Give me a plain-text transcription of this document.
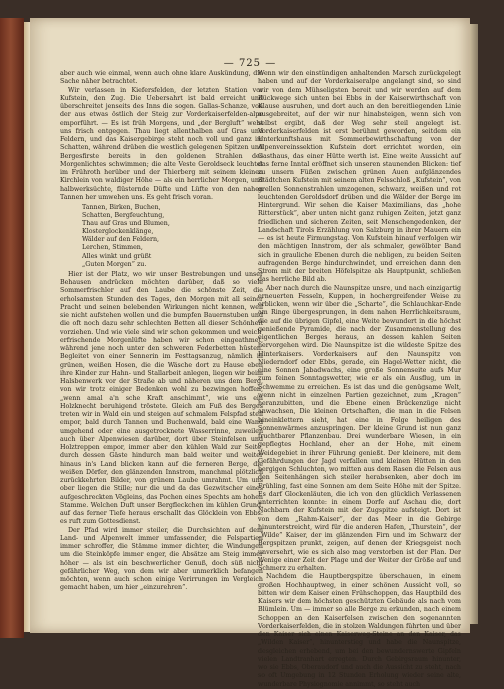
— 725 —

aber auch wie einmal, wenn auch ohne klare Auskündung, die Sache näher betrachtet.

Wir verlassen in Kiefersfelden, der letzten Station vor Kufstein, den Zug. Die Uebersahrt ist bald erreicht und überschreitet jenseits des Inns die sogen. Gallas-Schanze, von der aus etwas östlich der Steig zur Vorderkaiserfelden-alpe emporführt. — Es ist früh Morgens, und „der Bergluft” weht uns frisch entgegen. Thau liegt allenthalben auf Gras und Feldern, und das Kaisergebirge steht noch voll und ganz im Schatten, während drüben die westlich gelegenen Spitzen und Bergesfirste bereits in den goldenen Strahlen des Morgenlichtes schwimmen; die alte Veste Geroldseck leuchtet im Frühroth herüber und der Thierberg mit seinem kleinen Kirchlein von waldiger Höhe — als ein herrlicher Morgen, und halbwerksüchte, flüsternde Düfte und Lüfte von den nahen Tannen her umwehen uns. Es geht frisch voran.

Tannen, Birken, Buchen,
Schatten, Bergfeuchtung,
Thau auf Gras und Blumen,
Klosterglockenklänge,
Wälder auf den Feldern,
Lerchen, Stimmen,
Alles winkt und grüßt
„Guten Morgen” zu.

Hier ist der Platz, wo wir unser Bestrebungen und unser Behausen andrücken möchten darüber, daß so viele Sommerfrischler auf den Laube die schönste Zeit, die erholsamsten Stunden des Tages, den Morgen mit all seiner Pracht und seinen belebenden Wirkungen nicht kennen, weil sie nicht aufstehen wollen und die bumpfen Bauernstuben und die oft noch dazu sehr schlechten Betten all dieser Schönheit vorziehen. Und wie viele sind wir schon gekommen und weich' erfrischende Morgenlüfte haben wir schon eingeathmet, während jene noch unter den schweren Federbetten hüsten. Begleitet von einer Sennerin im Festtagsanzug, nämlich in grünen, weißen Hosen, die die Wäsche dort zu Hause eben ihre Kinder zur Hahn- und Stallarbeit anlegen, liegen wir beim Halsbenwerk vor der Straße ab und näheren uns dem Berg, von wir trotz einiger Bedenken wohl zu bezwingen hoffen, „wenn amal a'n sche Kraft anschimmt”, wie uns ein Holzknecht beruhigend tröstete. Gleich am Fuß des Berges treten wir in Wald ein und steigen auf schmalem Felspfad steil empor, bald durch Tannen und Buchenwald, bald eine Wand umgehend oder eine ausgetrocknete Wasserrinne, zuweilen auch über Alpenwiesen darüber, dort über Steinfelsen und Holztreppen empor, immer aber den kühlen Wald zur Seite, durch dessen Gäste hindurch man bald weiter und weiter hinaus in's Land blicken kann auf die ferneren Berge, die weißen Dörfer, den glänzenden Innstrom, manchmal plötzlich zurückkehrten Bilder, von grünem Laube umrahmt. Um uns ober liegen die Stille; nur die und da das Gezwitscher eines aufgeschreckten Vögleins, das Pochen eines Spechts am hohen Stamme. Welchen Duft unser Bergfleckchen im kühlen Grund, auf das ferner Tiefe heraus erschallt das Glöcklein von Ebbs: es ruft zum Gottesdienst.

Der Pfad wird immer steiler, die Durchsichten auf dem Land- und Alpenwelt immer umfassender, die Felspartien immer schroffer, die Stämme immer dichter, die Windungen um die Steinköpfe immer enger, die Absätze am Steig immer höher — als ist ein beschwerlicher Genuß, doch süß nicht gefährlicher Weg, von dem wir aber unmerklich befangen möchten, wenn auch schon einige Verirrungen im Vergleich gemacht haben, um hier „einzurehren”.

Wenn wir den einstündigen anhaltenden Marsch zurückgelegt haben und auf der Vorderkaiseralpe angelangt sind, so sind wir von dem Mühseligsten bereit und wir werden auf dem Rückwege sich unten bei Ebbs in der Kaiserwirthschaft von Klause ausruhen, und dort auch an den bereitliegenden Linie ausgebreitet, auf der wir nur hinabsteigen, wenn sich von selbst ergibt, daß der Weg sehr steil angelegt ist. Vorderkaiserfelden ist erst berühmt geworden, seitdem ein Unterkunftshaus mit Sommerbewirthschaftung von der Alpenvereinssektion Kufstein dort errichtet worden, ein Gasthaus, das einer Hütte werth ist. Eine weite Aussicht auf das ferne Inntal eröffnet sich unseren staunenden Blicken: tief zu unsern Füßen zwischen grünen Auen aufglänzendes Städtchen Kufstein mit seinem alten Felsschloß „Kufstein”, von grellen Sonnenstrahlen umzogenen, schwarz, weißen und rot leuchtenden Geroldsdorf drüben und die Wälder der Berge im Hintergrund. Wir sehen die Kaiser Maximilians, das „hohe Ritterstück”, aber unten nicht ganz ruhigen Zeiten, jetzt ganz friedlichen und sicheren Zeiten, seit Menschengedenken, der Landschaft Tirols Erzählung von Salzburg in ihrer Mauern ein — es ist heute Firmungstag. Von Kufstein hinauf verfolgen wir den mächtigen Innstrom, der als schmaler, gewölbter Band sich in grauliche Ebenen durch die nebligen, zu beiden Seiten aufragenden Berge hindurchwindet, und erreichen dann den Strom mit der breiten Höfelspitze als Hauptpunkt, schließen das herrliche Bild ab.

Aber nach durch die Naunspitze unsre, und nach einzigartig erneuerten Fesseln, Kuppen, in hochergreifender Weise zu erblicken, wenn wir über die „Scharte”, die Schlauchkar-Ende am Ringe übergesprungen, in dem nahen Herrlichkeitsraum, die auf die übrigen Gipfel, eine Weite bewundert in die höchst genießende Pyramide, die nach der Zusammenstellung des eigentlichen Berges heraus, an dessen kahlen Seiten hervorgehen wird. Die Naunspitze ist die wildeste Spitze des Hinterkaisers. Vorderkaisers auf den Naunspitz von Niederndorf oder Ebbs, gerade, ein Hagel-Wetter nicht, die eine Sonnen Jabadwachs, eine große Sonnenseite aufs Mur zum feinen Sonntagswetter, wie er als ein Ausflug, um in Schwemme zu erreichen. Es ist das und die genügsame Welt, wenn nicht in einzelnen Partien gezeichnet, zum „Kragen” heranzubitten, und die Ebene einen Brückenzüge nicht anwachsen, Die kleinen Ortschaften, die man in die Felsen hineinklettern sieht, hat eine in Folge heiligen des Sonnenwärmes anzuspringen. Der kleine Grund ist nun ganz fruchtbarer Pflanzenbau. Drei wunderbare Wiesen, in ein gepflegtes Hochland, eher an der Hohe, mit einem Weidegebiet in ihrer Führung genießt. Der kleinere, mit dem Gefährdungen der Jagd verfallen und kleinen Hütten in den bergigen Schluchten, wo mitten aus dem Rasen die Felsen aus den Seitenhängen sich steiler herabsenken, aber doch im Frühling, fast eine Sonnen am dem Seite Höhe mit der Spitze. Es darf Glockenläuten, die ich von den glücklich Verlassenen unterrichten konnte: in einem Dorfe auf Aschau die, dort Nachbarn der Kufstein mit der Zugspitze aufsteigt. Dort ist von dem „Rahm-Kaiser”, der das Meer in die Gebirge hinunterstreicht, wird für die anderen Hafen, „Thurstein”, der „Wilde” Kaiser, der im glänzenden Firn und im Schwarz der Bergspitzen prunkt, zeigen, auf denen der Kriegsgeist noch unversehrt, wie es sich also mag verstorben ist der Plan. Der Wenige einer Zeit der Plage und der Weiter der Größe auf und Schmerz zu erhalten.

Nachdem die Hauptbergspitze überschauen, in einem großen Hochhauptweg, in einer schönen Aussicht voll, so bitten wir dem Kaiser einen Frühschoppen, das Hauptbild des Kaisers wir dem höchsten geschützten Gebäude als nach vom Blümlein. Um — immer so alle Berge zu erkunden, nach einem Schoppen an den Kaiserfelsen zwischen den sogenannten Vorderkaiserfelden, die in stolzen Waldungen führten und über den Kaiser sich einen Kaiserweg-Steine an den Kaiser, das „Wilden Kaiser”, hinunterstieg und habe die Naunspitze, desgleichen erhebend, um bei den bewundernswerte Gipfeln vielen Landtranhart erregten. Durch Gebirgsraum hinunter, wo sie Ebbs, Oberaudorf und auch die Aussicht zu steht, nach so oft Umgebung in 12 Stunden Erholung wieder seine alte, wunderbare Physiognomie annimmt, so steht auch
